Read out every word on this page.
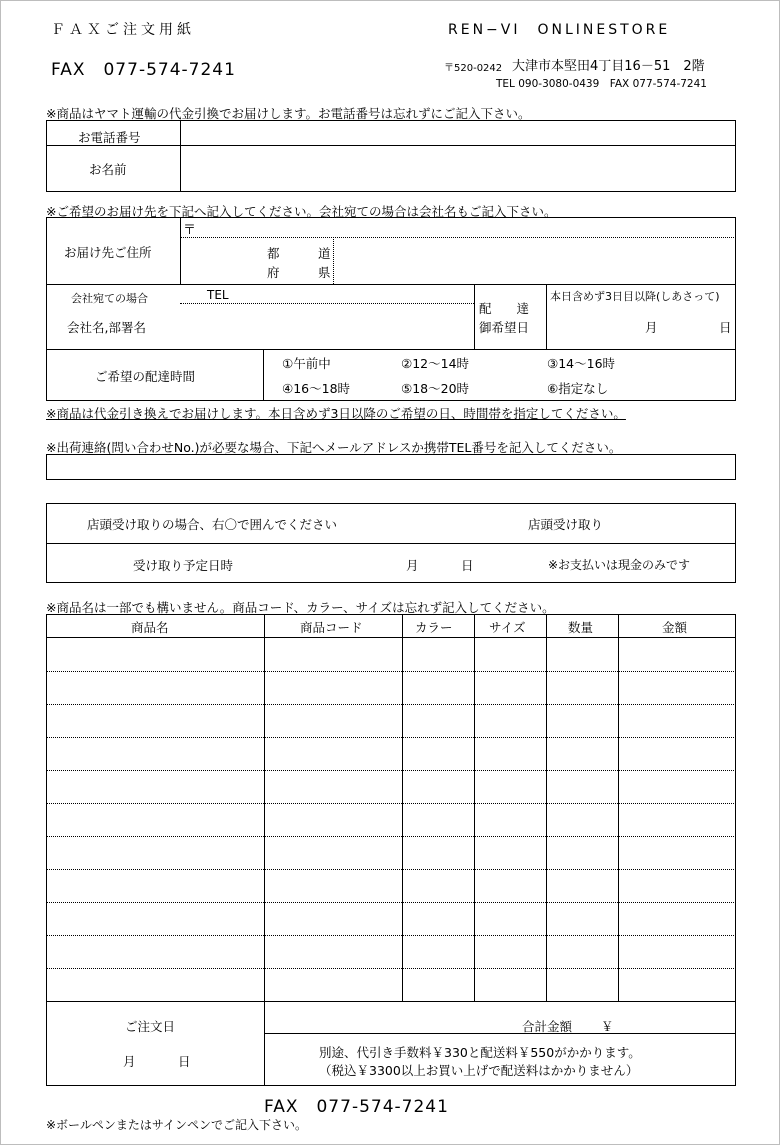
ＦＡＸご注文用紙	REN−VI　ONLINESTORE
FAX　077-574-7241	〒520-0242 大津市本堅田4丁目16－51　2階
TEL 090-3080-0439　FAX 077-574-7241
※商品はヤマト運輸の代金引換でお届けします。お電話番号は忘れずにご記入下さい。
お電話番号
お名前
※ご希望のお届け先を下記へ記入してください。会社宛ての場合は会社名もご記入下さい。
お届け先ご住所
〒
都	道
府	県
会社宛ての場合
会社名,部署名
TEL
配　　達
御希望日
本日含めず3日目以降(しあさって)
月	日
ご希望の配達時間
①午前中	②12～14時	③14～16時
④16～18時	⑤18～20時	⑥指定なし
※商品は代金引き換えでお届けします。本日含めず3日以降のご希望の日、時間帯を指定してください。
※出荷連絡(問い合わせNo.)が必要な場合、下記へメールアドレスか携帯TEL番号を記入してください。
店頭受け取りの場合、右〇で囲んでください	店頭受け取り
受け取り予定日時	月	日	※お支払いは現金のみです
※商品名は一部でも構いません。商品コード、カラー、サイズは忘れず記入してください。
商品名	商品コード	カラー	サイズ	数量	金額
ご注文日
月	日
合計金額 ￥
別途、代引き手数料￥330と配送料￥550がかかります。
（税込￥3300以上お買い上げで配送料はかかりません）
FAX　077-574-7241
※ボールペンまたはサインペンでご記入下さい。
